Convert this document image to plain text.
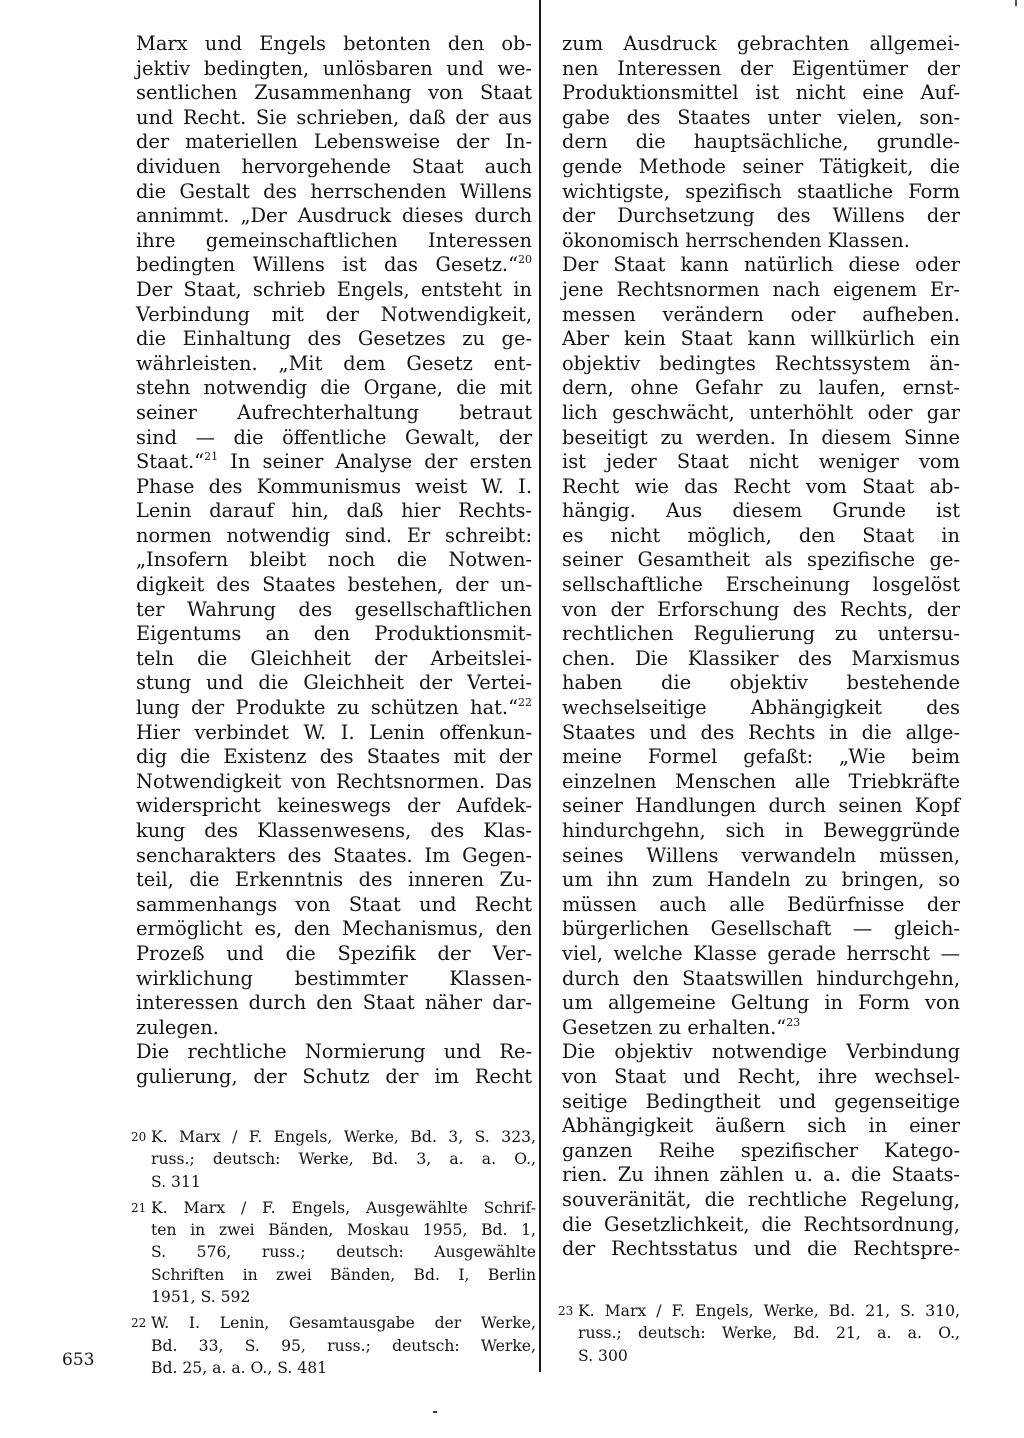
Marx und Engels betonten den ob-
jektiv bedingten, unlösbaren und we-
sentlichen Zusammenhang von Staat
und Recht. Sie schrieben, daß der aus
der materiellen Lebensweise der In-
dividuen hervorgehende Staat auch
die Gestalt des herrschenden Willens
annimmt. „Der Ausdruck dieses durch
ihre gemeinschaftlichen Interessen
bedingten Willens ist das Gesetz.“$^{20}$
Der Staat, schrieb Engels, entsteht in
Verbindung mit der Notwendigkeit,
die Einhaltung des Gesetzes zu ge-
währleisten. „Mit dem Gesetz ent-
stehn notwendig die Organe, die mit
seiner Aufrechterhaltung betraut
sind — die öffentliche Gewalt, der
Staat.“$^{21}$ In seiner Analyse der ersten
Phase des Kommunismus weist W. I.
Lenin darauf hin, daß hier Rechts-
normen notwendig sind. Er schreibt:
„Insofern bleibt noch die Notwen-
digkeit des Staates bestehen, der un-
ter Wahrung des gesellschaftlichen
Eigentums an den Produktionsmit-
teln die Gleichheit der Arbeitslei-
stung und die Gleichheit der Vertei-
lung der Produkte zu schützen hat.“$^{22}$
Hier verbindet W. I. Lenin offenkun-
dig die Existenz des Staates mit der
Notwendigkeit von Rechtsnormen. Das
widerspricht keineswegs der Aufdek-
kung des Klassenwesens, des Klas-
sencharakters des Staates. Im Gegen-
teil, die Erkenntnis des inneren Zu-
sammenhangs von Staat und Recht
ermöglicht es, den Mechanismus, den
Prozeß und die Spezifik der Ver-
wirklichung bestimmter Klassen-
interessen durch den Staat näher dar-
zulegen.
Die rechtliche Normierung und Re-
gulierung, der Schutz der im Recht
zum Ausdruck gebrachten allgemei-
nen Interessen der Eigentümer der
Produktionsmittel ist nicht eine Auf-
gabe des Staates unter vielen, son-
dern die hauptsächliche, grundle-
gende Methode seiner Tätigkeit, die
wichtigste, spezifisch staatliche Form
der Durchsetzung des Willens der
ökonomisch herrschenden Klassen.
Der Staat kann natürlich diese oder
jene Rechtsnormen nach eigenem Er-
messen verändern oder aufheben.
Aber kein Staat kann willkürlich ein
objektiv bedingtes Rechtssystem än-
dern, ohne Gefahr zu laufen, ernst-
lich geschwächt, unterhöhlt oder gar
beseitigt zu werden. In diesem Sinne
ist jeder Staat nicht weniger vom
Recht wie das Recht vom Staat ab-
hängig. Aus diesem Grunde ist
es nicht möglich, den Staat in
seiner Gesamtheit als spezifische ge-
sellschaftliche Erscheinung losgelöst
von der Erforschung des Rechts, der
rechtlichen Regulierung zu untersu-
chen. Die Klassiker des Marxismus
haben die objektiv bestehende
wechselseitige Abhängigkeit des
Staates und des Rechts in die allge-
meine Formel gefaßt: „Wie beim
einzelnen Menschen alle Triebkräfte
seiner Handlungen durch seinen Kopf
hindurchgehn, sich in Beweggründe
seines Willens verwandeln müssen,
um ihn zum Handeln zu bringen, so
müssen auch alle Bedürfnisse der
bürgerlichen Gesellschaft — gleich-
viel, welche Klasse gerade herrscht —
durch den Staatswillen hindurchgehn,
um allgemeine Geltung in Form von
Gesetzen zu erhalten.“$^{23}$
Die objektiv notwendige Verbindung
von Staat und Recht, ihre wechsel-
seitige Bedingtheit und gegenseitige
Abhängigkeit äußern sich in einer
ganzen Reihe spezifischer Katego-
rien. Zu ihnen zählen u. a. die Staats-
souveränität, die rechtliche Regelung,
die Gesetzlichkeit, die Rechtsordnung,
der Rechtsstatus und die Rechtspre-
20 K. Marx / F. Engels, Werke, Bd. 3, S. 323,
russ.; deutsch: Werke, Bd. 3, a. a. O.,
S. 311
21 K. Marx / F. Engels, Ausgewählte Schrif-
ten in zwei Bänden, Moskau 1955, Bd. 1,
S. 576, russ.; deutsch: Ausgewählte
Schriften in zwei Bänden, Bd. I, Berlin
1951, S. 592
22 W. I. Lenin, Gesamtausgabe der Werke,
Bd. 33, S. 95, russ.; deutsch: Werke,
Bd. 25, a. a. O., S. 481
23 K. Marx / F. Engels, Werke, Bd. 21, S. 310,
russ.; deutsch: Werke, Bd. 21, a. a. O.,
S. 300
653
